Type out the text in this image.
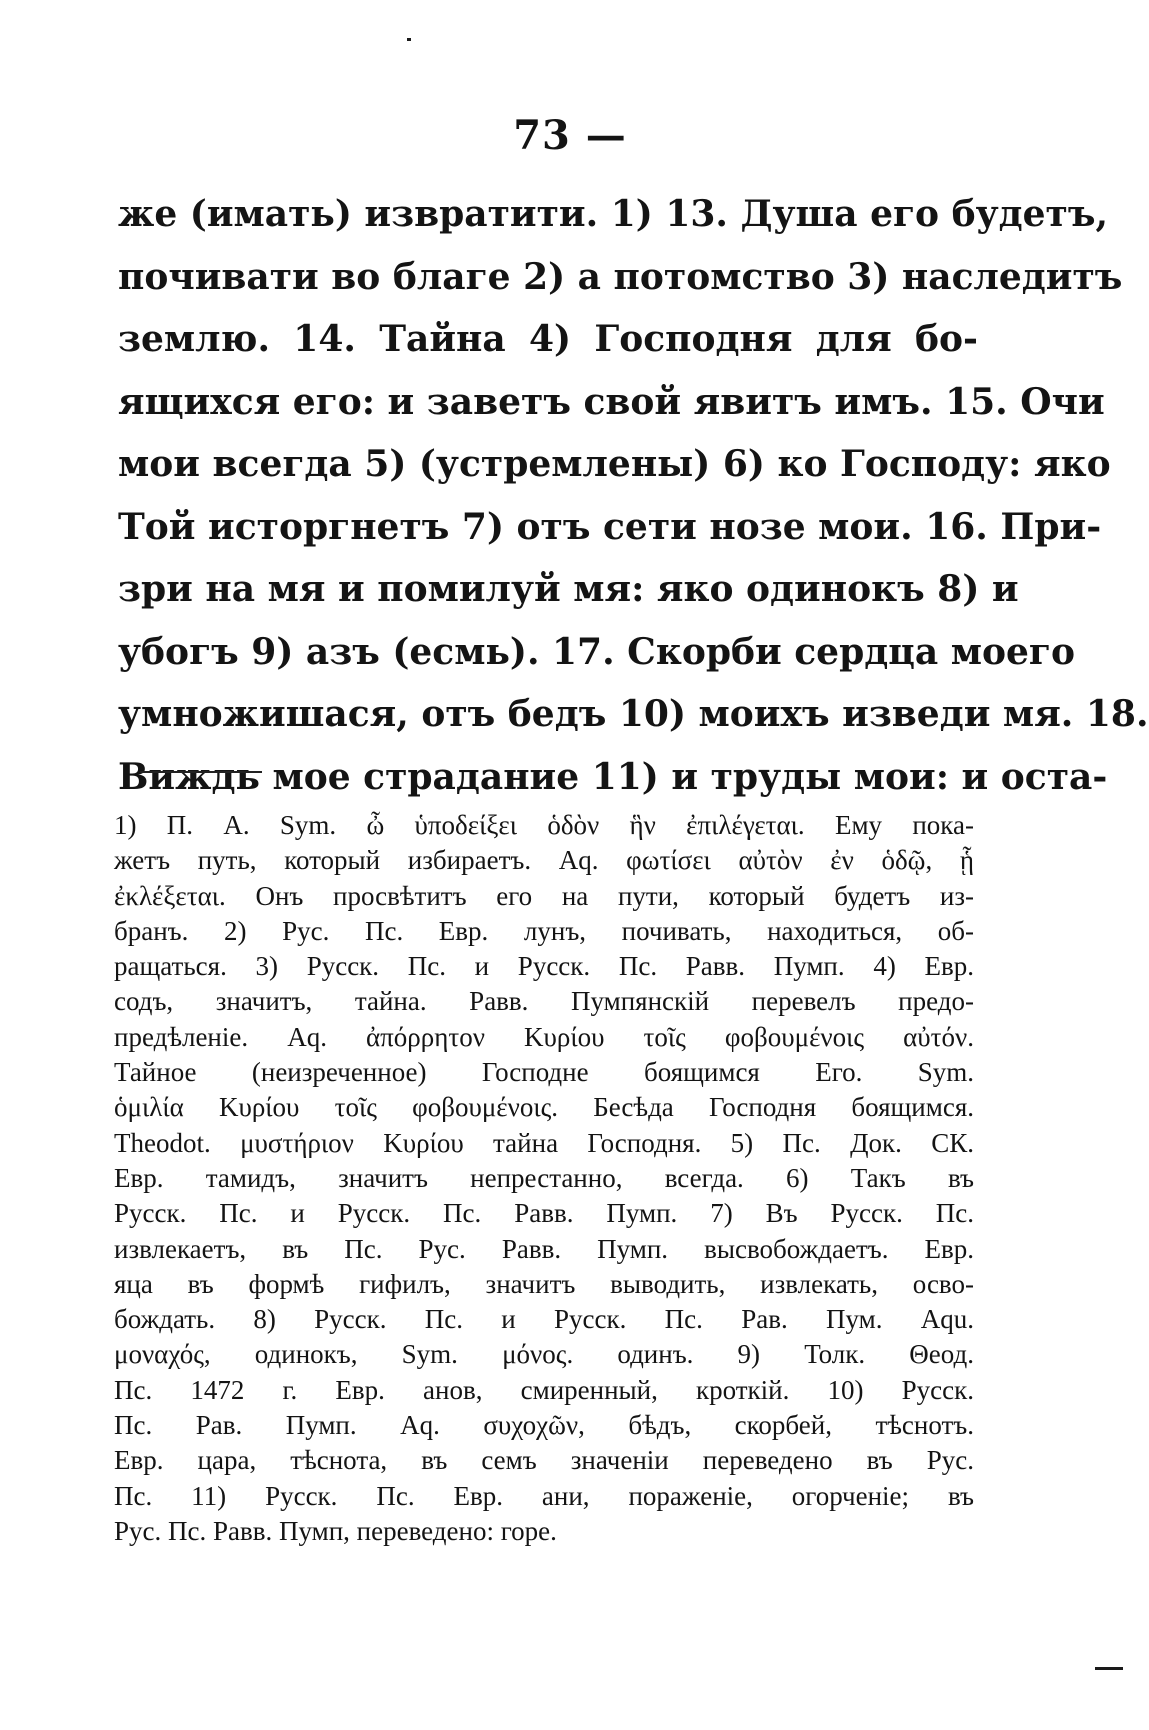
73 —
же (имать) извратити. 1) 13. Душа его будетъ,
почивати во благе 2) а потомство 3) наследитъ
землю. 14. Тайна 4) Господня для бо-
ящихся его: и заветъ свой явитъ имъ. 15. Очи
мои всегда 5) (устремлены) 6) ко Господу: яко
Той исторгнетъ 7) отъ сети нозе мои. 16. При-
зри на мя и помилуй мя: яко одинокъ 8) и
убогъ 9) азъ (есмь). 17. Скорби сердца моего
умножишася, отъ бедъ 10) моихъ изведи мя. 18.
Виждь мое страдание 11) и труды мои: и оста-
1) П. А. Sym. ὦ ὑποδείξει ὁδὸν ἣν ἐπιλέγεται. Ему пока-
жетъ путь, который избираетъ. Aq. φωτίσει αὐτὸν ἐν ὁδῷ, ᾗ
ἐκλέξεται. Онъ просвѣтитъ его на пути, который будетъ из-
бранъ. 2) Рус. Пс. Евр. лунъ, почивать, находиться, об-
ращаться. 3) Русск. Пс. и Русск. Пс. Равв. Пумп. 4) Евр.
содъ, значитъ, тайна. Равв. Пумпянскій перевелъ предо-
предѣленіе. Aq. ἀπόρρητον Κυρίου τοῖς φοβουμένοις αὐτόν.
Тайное (неизреченное) Господне боящимся Его. Sym.
ὁμιλία Κυρίου τοῖς φοβουμένοις. Бесѣда Господня боящимся.
Theodot. μυστήριον Κυρίου тайна Господня. 5) Пс. Док. СК.
Евр. тамидъ, значитъ непрестанно, всегда. 6) Такъ въ
Русск. Пс. и Русск. Пс. Равв. Пумп. 7) Въ Русск. Пс.
извлекаетъ, въ Пс. Рус. Равв. Пумп. высвобождаетъ. Евр.
яца въ формѣ гифилъ, значитъ выводить, извлекать, осво-
бождать. 8) Русск. Пс. и Русск. Пс. Рав. Пум. Aqu.
μοναχός, одинокъ, Sym. μόνος. одинъ. 9) Толк. Θеод.
Пс. 1472 г. Евр. анов, смиренный, кроткій. 10) Русск.
Пс. Рав. Пумп. Aq. συχοχῶν, бѣдъ, скорбей, тѣснотъ.
Евр. цара, тѣснота, въ семъ значеніи переведено въ Рус.
Пс. 11) Русск. Пс. Евр. ани, пораженіе, огорченіе; въ
Рус. Пс. Равв. Пумп, переведено: горе.
